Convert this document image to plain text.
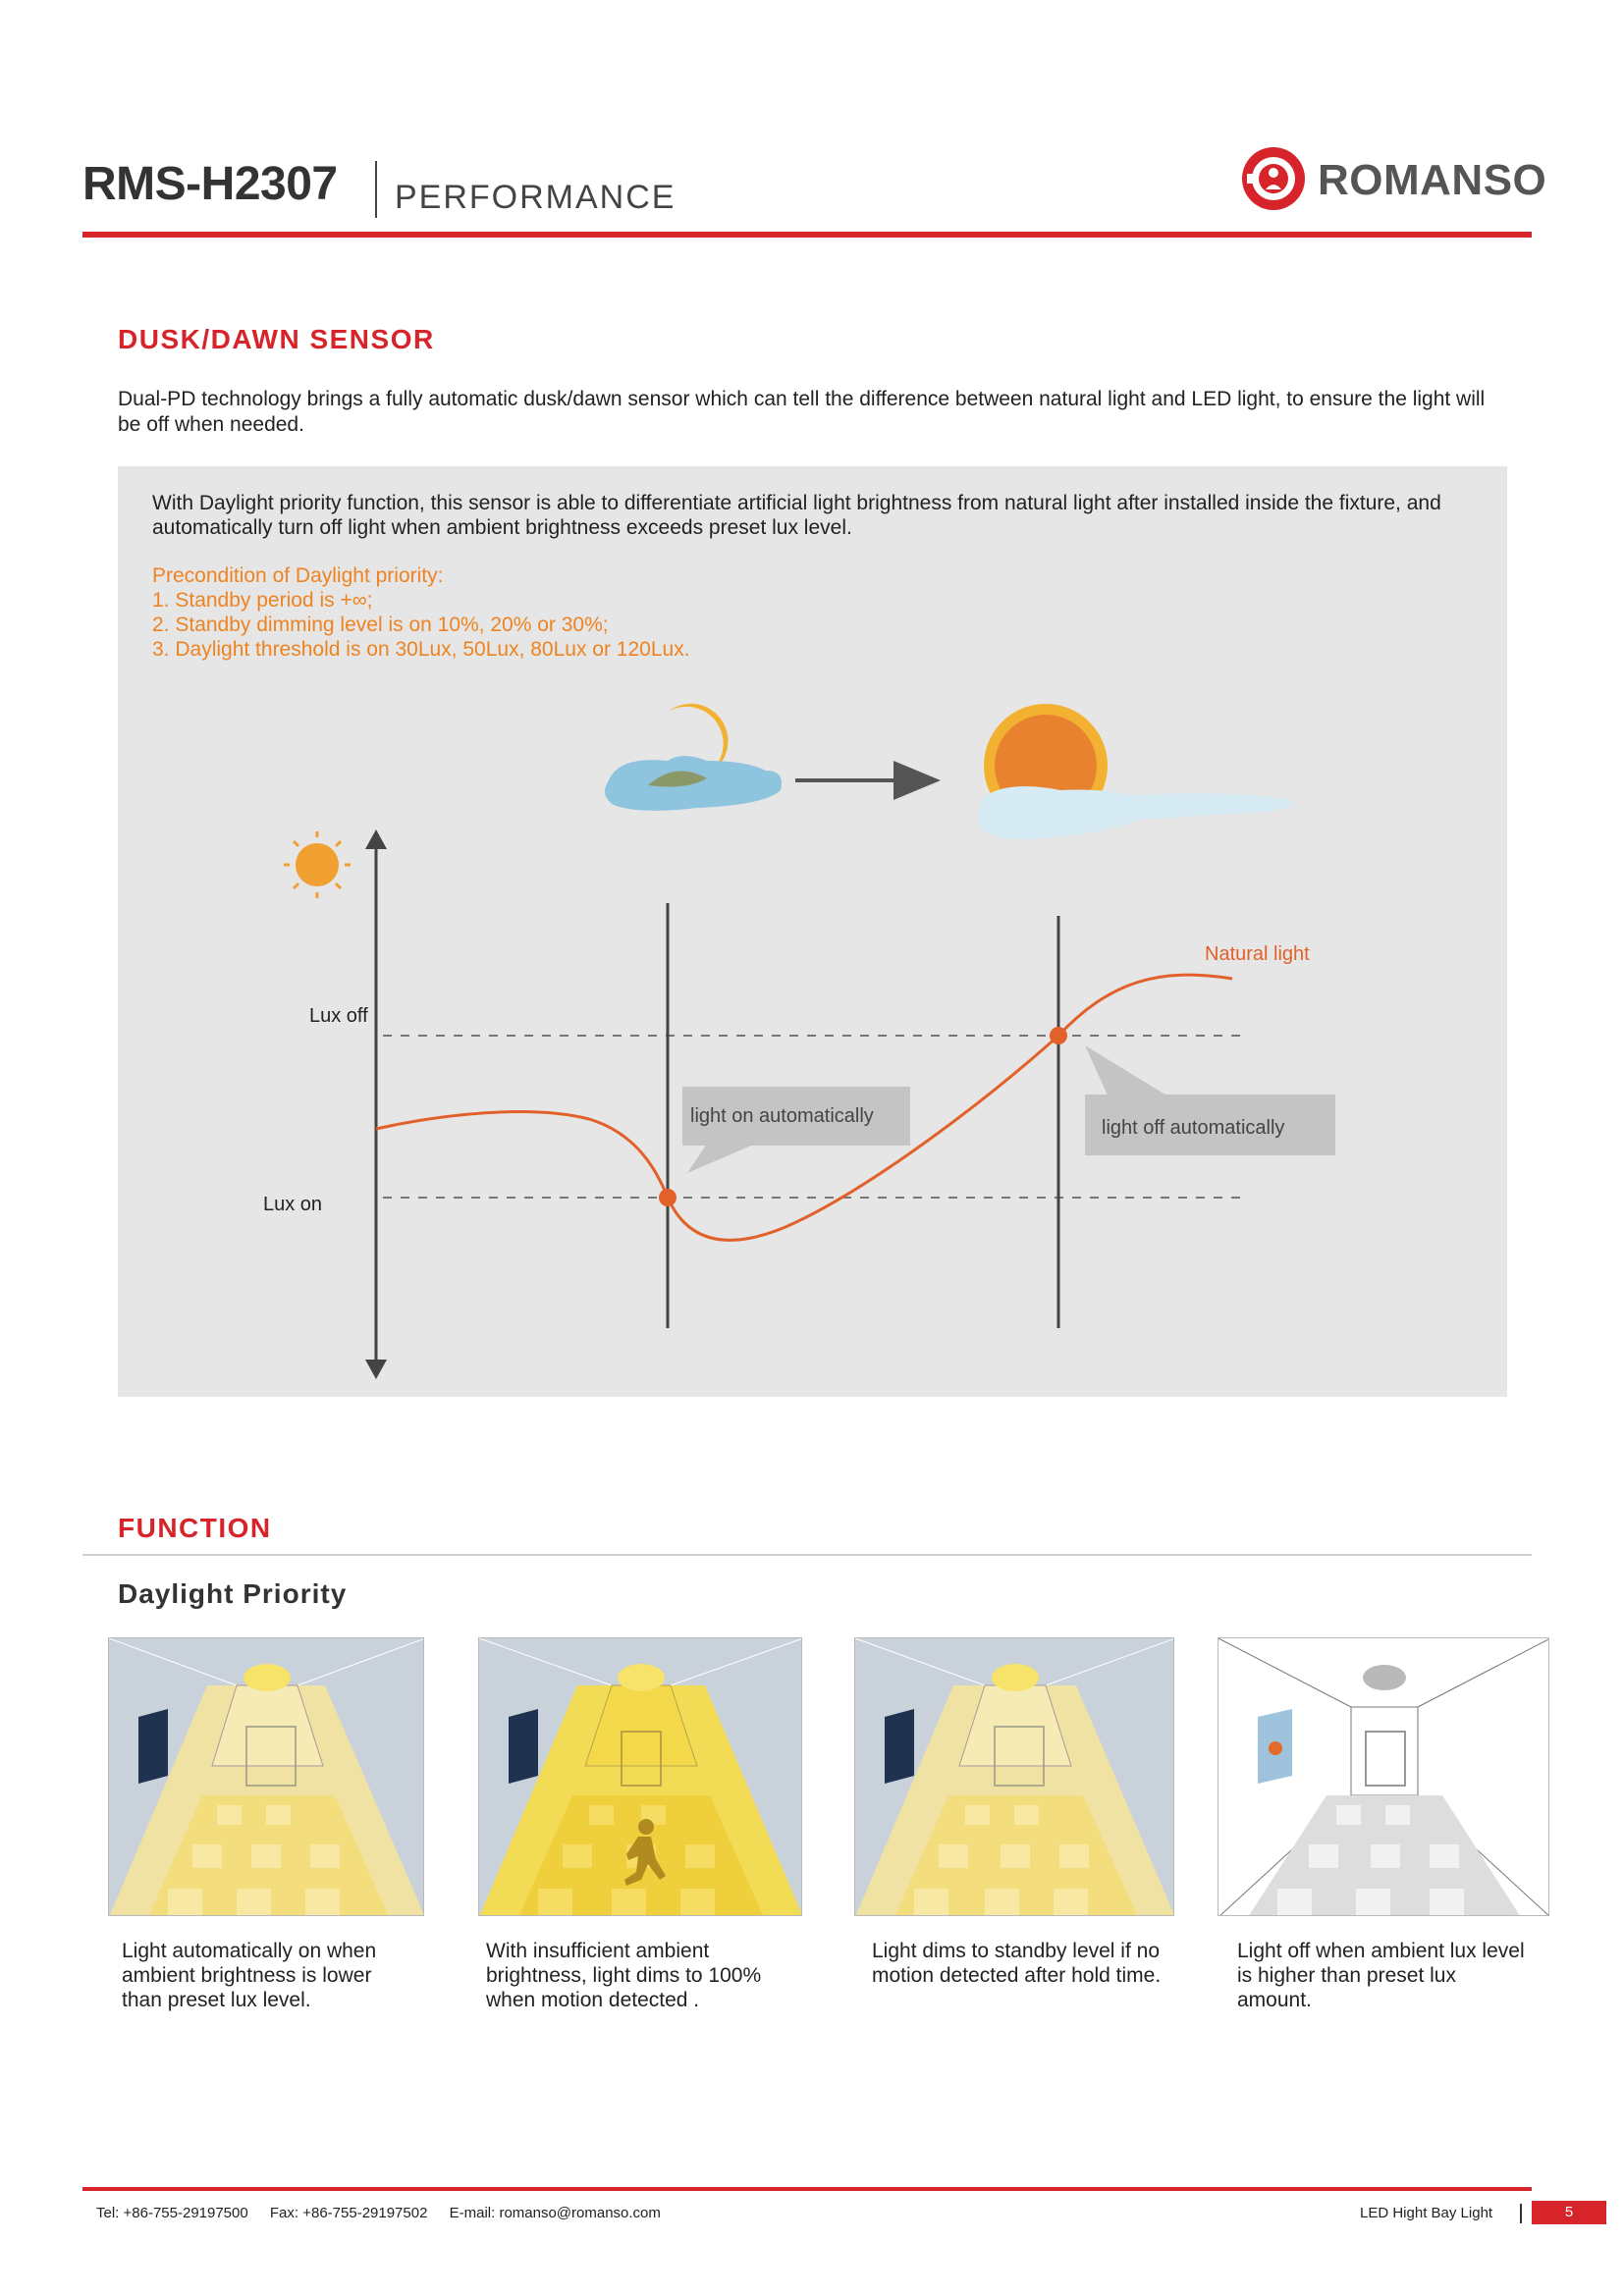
RMS-H2307 PERFORMANCE	ROMANSO
DUSK/DAWN SENSOR
Dual-PD technology brings a fully automatic dusk/dawn sensor which can tell the difference between natural light and LED light, to ensure the light will be off when needed.
With Daylight priority function, this sensor is able to differentiate artificial light brightness from natural light after installed inside the fixture, and automatically turn off light when ambient brightness exceeds preset lux level.
Precondition of Daylight priority:
1. Standby period is +∞;
2. Standby dimming level is on 10%, 20% or 30%;
3. Daylight threshold is on 30Lux, 50Lux, 80Lux or 120Lux.
Lux off
Lux on
Natural light
light on automatically
light off automatically
FUNCTION
Daylight Priority
Light automatically on when ambient brightness is lower than preset lux level.
With insufficient ambient brightness, light dims to 100% when motion detected .
Light dims to standby level if no motion detected after hold time.
Light off when ambient lux level is higher than preset lux amount.
Tel: +86-755-29197500 Fax: +86-755-29197502 E-mail: romanso@romanso.com	LED Hight Bay Light	5
